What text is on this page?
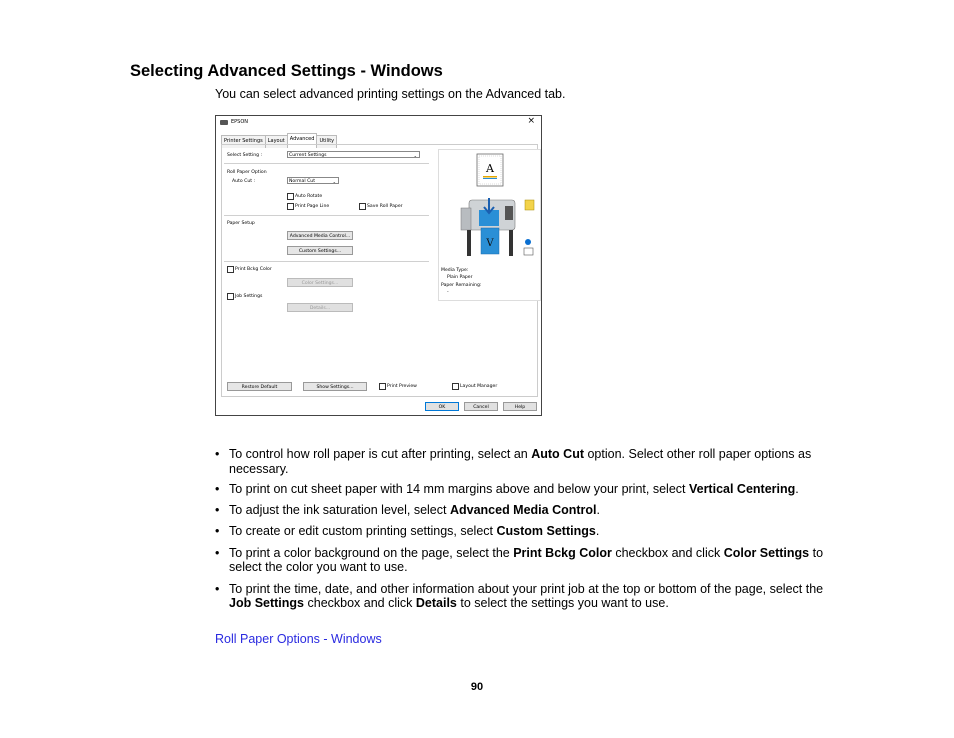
Selecting Advanced Settings - Windows
You can select advanced printing settings on the Advanced tab.
EPSON	×
Printer Settings	Layout	Advanced	Utility
Select Setting :	Current Settings	⌄
Roll Paper Option
Auto Cut :	Normal Cut	⌄
Auto Rotate
Print Page Line	Save Roll Paper
Paper Setup
Advanced Media Control...
Custom Settings...
Print Bckg Color
Color Settings...
Job Settings
Details...
A
V
Media Type:
Plain Paper
Paper Remaining:
-
Restore Default	Show Settings...	Print Preview	Layout Manager
OK	Cancel	Help

• To control how roll paper is cut after printing, select an Auto Cut option. Select other roll paper options as necessary.

• To print on cut sheet paper with 14 mm margins above and below your print, select Vertical Centering.

• To adjust the ink saturation level, select Advanced Media Control.

• To create or edit custom printing settings, select Custom Settings.

• To print a color background on the page, select the Print Bckg Color checkbox and click Color Settings to select the color you want to use.

• To print the time, date, and other information about your print job at the top or bottom of the page, select the Job Settings checkbox and click Details to select the settings you want to use.

Roll Paper Options - Windows
90
